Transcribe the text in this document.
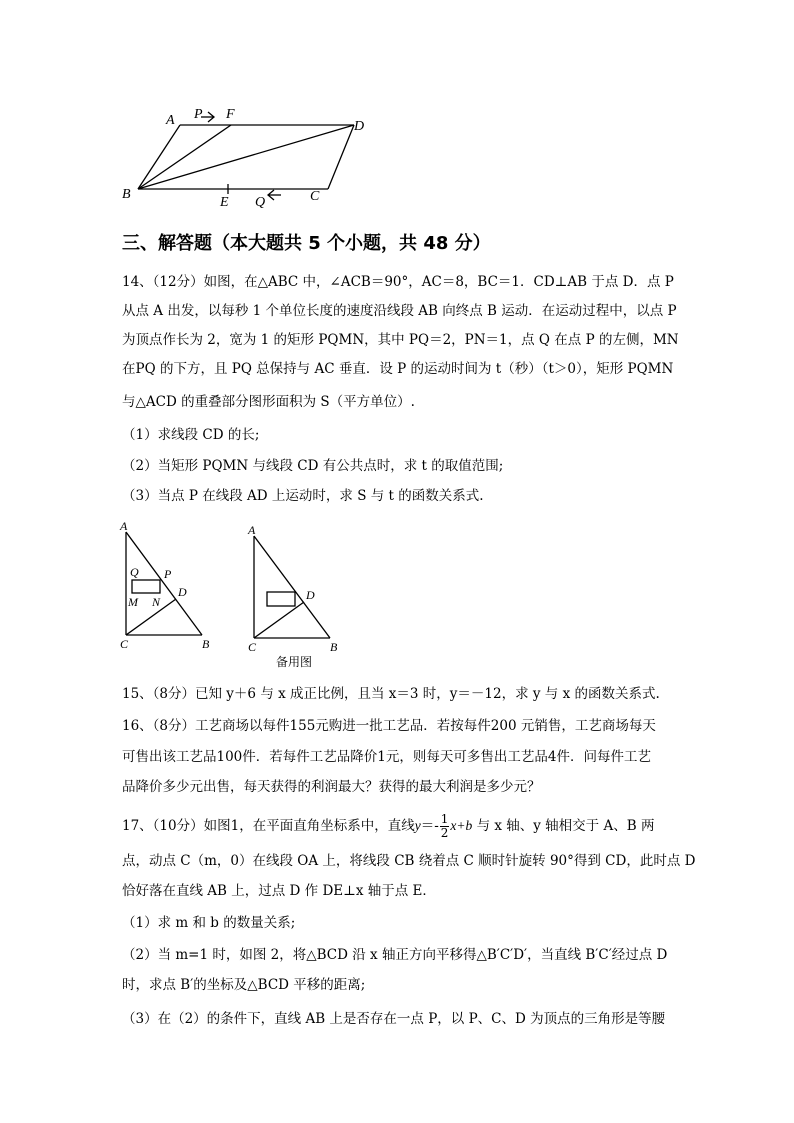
A P F
D
B
E Q	C
三、解答题（本大题共 5 个小题，共 48 分）
14、（12分）如图，在△ABC 中，∠ACB＝90°，AC＝8，BC＝1．CD⊥AB 于点 D．点 P
从点 A 出发，以每秒 1 个单位长度的速度沿线段 AB 向终点 B 运动．在运动过程中，以点 P
为顶点作长为 2，宽为 1 的矩形 PQMN，其中 PQ＝2，PN＝1，点 Q 在点 P 的左侧，MN
在PQ 的下方，且 PQ 总保持与 AC 垂直．设 P 的运动时间为 t（秒）（t＞0），矩形 PQMN
与△ACD 的重叠部分图形面积为 S（平方单位）.
（1）求线段 CD 的长;
（2）当矩形 PQMN 与线段 CD 有公共点时，求 t 的取值范围;
（3）当点 P 在线段 AD 上运动时，求 S 与 t 的函数关系式.
A
Q P
D
M N
C	B
A
D
C	B
备用图
15、（8分）已知 y＋6 与 x 成正比例，且当 x＝3 时，y＝－12，求 y 与 x 的函数关系式.
16、（8分）工艺商场以每件155元购进一批工艺品．若按每件200 元销售，工艺商场每天
可售出该工艺品100件．若每件工艺品降价1元，则每天可多售出工艺品4件．问每件工艺
品降价多少元出售，每天获得的利润最大？获得的最大利润是多少元？
17、（10分）如图1，在平面直角坐标系中，直线$y=- \frac{1}{2} x+b$ 与 x 轴、y 轴相交于 A、B 两
点，动点 C（m，0）在线段 OA 上，将线段 CB 绕着点 C 顺时针旋转 90°得到 CD，此时点 D
恰好落在直线 AB 上，过点 D 作 DE⊥x 轴于点 E．
（1）求 m 和 b 的数量关系;
（2）当 m=1 时，如图 2，将△BCD 沿 x 轴正方向平移得△B′C′D′，当直线 B′C′经过点 D
时，求点 B′的坐标及△BCD 平移的距离;
（3）在（2）的条件下，直线 AB 上是否存在一点 P，以 P、C、D 为顶点的三角形是等腰
